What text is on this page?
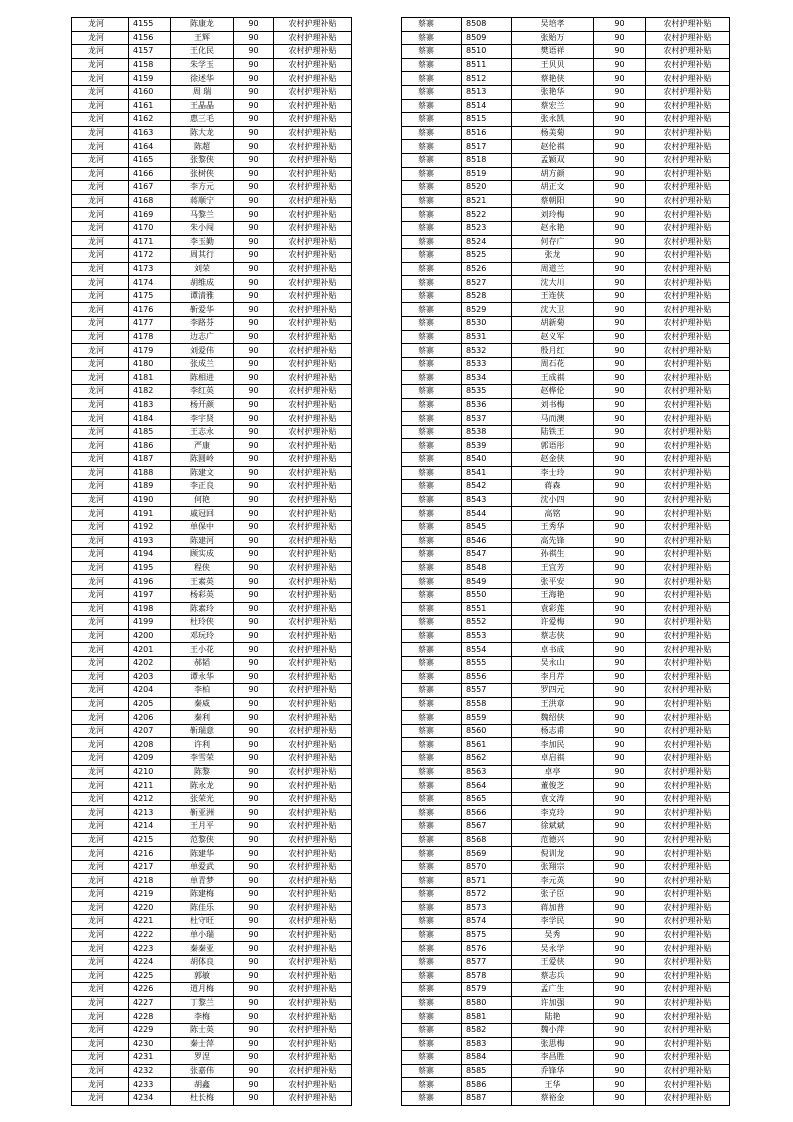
龙河	4155	陈康龙	90	农村护理补贴
龙河	4156	王辉	90	农村护理补贴
龙河	4157	王化民	90	农村护理补贴
龙河	4158	朱学玉	90	农村护理补贴
龙河	4159	徐述华	90	农村护理补贴
龙河	4160	周 瑞	90	农村护理补贴
龙河	4161	王晶晶	90	农村护理补贴
龙河	4162	惠三毛	90	农村护理补贴
龙河	4163	陈大龙	90	农村护理补贴
龙河	4164	陈超	90	农村护理补贴
龙河	4165	张黎侠	90	农村护理补贴
龙河	4166	张树侠	90	农村护理补贴
龙河	4167	李方元	90	农村护理补贴
龙河	4168	蒋顺宁	90	农村护理补贴
龙河	4169	马黎兰	90	农村护理补贴
龙河	4170	朱小闯	90	农村护理补贴
龙河	4171	李玉勤	90	农村护理补贴
龙河	4172	周其行	90	农村护理补贴
龙河	4173	刘荣	90	农村护理补贴
龙河	4174	胡维成	90	农村护理补贴
龙河	4175	谭清雅	90	农村护理补贴
龙河	4176	靳爱华	90	农村护理补贴
龙河	4177	李路芬	90	农村护理补贴
龙河	4178	边志广	90	农村护理补贴
龙河	4179	刘爱伟	90	农村护理补贴
龙河	4180	张成兰	90	农村护理补贴
龙河	4181	陈相进	90	农村护理补贴
龙河	4182	李红英	90	农村护理补贴
龙河	4183	杨开颜	90	农村护理补贴
龙河	4184	李宇贤	90	农村护理补贴
龙河	4185	王志永	90	农村护理补贴
龙河	4186	严康	90	农村护理补贴
龙河	4187	陈圆岭	90	农村护理补贴
龙河	4188	陈建文	90	农村护理补贴
龙河	4189	李正良	90	农村护理补贴
龙河	4190	何艳	90	农村护理补贴
龙河	4191	戚冠回	90	农村护理补贴
龙河	4192	单保中	90	农村护理补贴
龙河	4193	陈建河	90	农村护理补贴
龙河	4194	顾实成	90	农村护理补贴
龙河	4195	程侠	90	农村护理补贴
龙河	4196	王素英	90	农村护理补贴
龙河	4197	杨彩英	90	农村护理补贴
龙河	4198	陈素玲	90	农村护理补贴
龙河	4199	杜玲侠	90	农村护理补贴
龙河	4200	邓玩玲	90	农村护理补贴
龙河	4201	王小花	90	农村护理补贴
龙河	4202	郝韬	90	农村护理补贴
龙河	4203	谭永华	90	农村护理补贴
龙河	4204	李柏	90	农村护理补贴
龙河	4205	秦威	90	农村护理补贴
龙河	4206	秦利	90	农村护理补贴
龙河	4207	靳瑞意	90	农村护理补贴
龙河	4208	许利	90	农村护理补贴
龙河	4209	李雪荣	90	农村护理补贴
龙河	4210	陈黎	90	农村护理补贴
龙河	4211	陈永龙	90	农村护理补贴
龙河	4212	张荣光	90	农村护理补贴
龙河	4213	靳亚洲	90	农村护理补贴
龙河	4214	王月平	90	农村护理补贴
龙河	4215	范黎侠	90	农村护理补贴
龙河	4216	陈建华	90	农村护理补贴
龙河	4217	单爱武	90	农村护理补贴
龙河	4218	单青梦	90	农村护理补贴
龙河	4219	陈建梅	90	农村护理补贴
龙河	4220	陈佳乐	90	农村护理补贴
龙河	4221	杜守旺	90	农村护理补贴
龙河	4222	单小瑞	90	农村护理补贴
龙河	4223	秦秦亚	90	农村护理补贴
龙河	4224	胡体良	90	农村护理补贴
龙河	4225	郭敏	90	农村护理补贴
龙河	4226	道月梅	90	农村护理补贴
龙河	4227	丁黎兰	90	农村护理补贴
龙河	4228	李梅	90	农村护理补贴
龙河	4229	陈士英	90	农村护理补贴
龙河	4230	秦士萍	90	农村护理补贴
龙河	4231	罗涅	90	农村护理补贴
龙河	4232	张嘉伟	90	农村护理补贴
龙河	4233	胡鑫	90	农村护理补贴
龙河	4234	杜长梅	90	农村护理补贴
蔡寨	8508	吴培孝	90	农村护理补贴
蔡寨	8509	张贻万	90	农村护理补贴
蔡寨	8510	樊语祥	90	农村护理补贴
蔡寨	8511	王贝贝	90	农村护理补贴
蔡寨	8512	蔡艳侠	90	农村护理补贴
蔡寨	8513	张艳华	90	农村护理补贴
蔡寨	8514	蔡宏兰	90	农村护理补贴
蔡寨	8515	张永凯	90	农村护理补贴
蔡寨	8516	杨美菊	90	农村护理补贴
蔡寨	8517	赵伦祺	90	农村护理补贴
蔡寨	8518	孟颖双	90	农村护理补贴
蔡寨	8519	胡方颜	90	农村护理补贴
蔡寨	8520	胡正文	90	农村护理补贴
蔡寨	8521	蔡朝阳	90	农村护理补贴
蔡寨	8522	刘玲梅	90	农村护理补贴
蔡寨	8523	赵永艳	90	农村护理补贴
蔡寨	8524	何存广	90	农村护理补贴
蔡寨	8525	张龙	90	农村护理补贴
蔡寨	8526	周道兰	90	农村护理补贴
蔡寨	8527	沈大川	90	农村护理补贴
蔡寨	8528	王连侠	90	农村护理补贴
蔡寨	8529	沈大卫	90	农村护理补贴
蔡寨	8530	胡新菊	90	农村护理补贴
蔡寨	8531	赵义军	90	农村护理补贴
蔡寨	8532	殷月红	90	农村护理补贴
蔡寨	8533	周石花	90	农村护理补贴
蔡寨	8534	王成祺	90	农村护理补贴
蔡寨	8535	赵桦伦	90	农村护理补贴
蔡寨	8536	刘书梅	90	农村护理补贴
蔡寨	8537	马而澳	90	农村护理补贴
蔡寨	8538	陆铁王	90	农村护理补贴
蔡寨	8539	郭语彤	90	农村护理补贴
蔡寨	8540	赵金侠	90	农村护理补贴
蔡寨	8541	李士玲	90	农村护理补贴
蔡寨	8542	蒋森	90	农村护理补贴
蔡寨	8543	沈小四	90	农村护理补贴
蔡寨	8544	高铭	90	农村护理补贴
蔡寨	8545	王秀华	90	农村护理补贴
蔡寨	8546	高先锋	90	农村护理补贴
蔡寨	8547	孙祺生	90	农村护理补贴
蔡寨	8548	王宜芳	90	农村护理补贴
蔡寨	8549	张平安	90	农村护理补贴
蔡寨	8550	王海艳	90	农村护理补贴
蔡寨	8551	袁彩莲	90	农村护理补贴
蔡寨	8552	许爱梅	90	农村护理补贴
蔡寨	8553	蔡志侠	90	农村护理补贴
蔡寨	8554	卓书成	90	农村护理补贴
蔡寨	8555	吴永山	90	农村护理补贴
蔡寨	8556	李月芹	90	农村护理补贴
蔡寨	8557	罗四元	90	农村护理补贴
蔡寨	8558	王洪章	90	农村护理补贴
蔡寨	8559	魏绍侠	90	农村护理补贴
蔡寨	8560	杨志甫	90	农村护理补贴
蔡寨	8561	李加民	90	农村护理补贴
蔡寨	8562	卓启祺	90	农村护理补贴
蔡寨	8563	卓亭	90	农村护理补贴
蔡寨	8564	董俊芝	90	农村护理补贴
蔡寨	8565	袁文涛	90	农村护理补贴
蔡寨	8566	李克玲	90	农村护理补贴
蔡寨	8567	徐斌斌	90	农村护理补贴
蔡寨	8568	范德兴	90	农村护理补贴
蔡寨	8569	倪训龙	90	农村护理补贴
蔡寨	8570	张翔宗	90	农村护理补贴
蔡寨	8571	李元英	90	农村护理补贴
蔡寨	8572	张子臣	90	农村护理补贴
蔡寨	8573	蒋加普	90	农村护理补贴
蔡寨	8574	李学民	90	农村护理补贴
蔡寨	8575	吴秀	90	农村护理补贴
蔡寨	8576	吴永学	90	农村护理补贴
蔡寨	8577	王爱侠	90	农村护理补贴
蔡寨	8578	蔡志兵	90	农村护理补贴
蔡寨	8579	孟广生	90	农村护理补贴
蔡寨	8580	许加强	90	农村护理补贴
蔡寨	8581	陆艳	90	农村护理补贴
蔡寨	8582	魏小萍	90	农村护理补贴
蔡寨	8583	张思梅	90	农村护理补贴
蔡寨	8584	李昌胜	90	农村护理补贴
蔡寨	8585	乔锋华	90	农村护理补贴
蔡寨	8586	王华	90	农村护理补贴
蔡寨	8587	蔡裕金	90	农村护理补贴
